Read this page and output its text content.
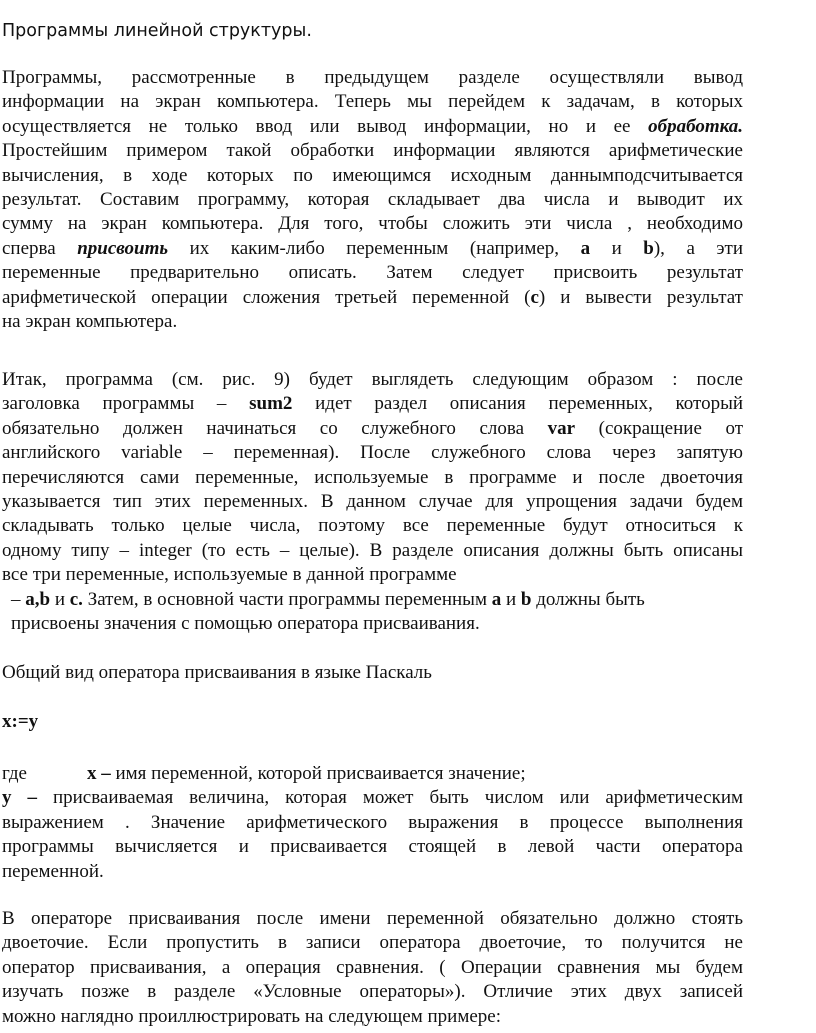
Программы линейной структуры.
Программы, рассмотренные в предыдущем разделе осуществляли вывод
информации на экран компьютера. Теперь мы перейдем к задачам, в которых
осуществляется не только ввод или вывод информации, но и ее обработка.
Простейшим примером такой обработки информации являются арифметические
вычисления, в ходе которых по имеющимся исходным даннымподсчитывается
результат. Составим программу, которая складывает два числа и выводит их
сумму на экран компьютера. Для того, чтобы сложить эти числа , необходимо
сперва присвоить их каким-либо переменным (например, a и b), а эти
переменные предварительно описать. Затем следует присвоить результат
арифметической операции сложения третьей переменной (c) и вывести результат
на экран компьютера.
Итак, программа (см. рис. 9) будет выглядеть следующим образом : после
заголовка программы – sum2 идет раздел описания переменных, который
обязательно должен начинаться со служебного слова var (сокращение от
английского variable – переменная). После служебного слова через запятую
перечисляются сами переменные, используемые в программе и после двоеточия
указывается тип этих переменных. В данном случае для упрощения задачи будем
складывать только целые числа, поэтому все переменные будут относиться к
одному типу – integer (то есть – целые). В разделе описания должны быть описаны
все три переменные, используемые в данной программе
– a,b и c. Затем, в основной части программы переменным a и b должны быть
присвоены значения с помощью оператора присваивания.
Общий вид оператора присваивания в языке Паскаль
x:=y
где	x – имя переменной, которой присваивается значение;
y – присваиваемая величина, которая может быть числом или арифметическим
выражением . Значение арифметического выражения в процессе выполнения
программы вычисляется и присваивается стоящей в левой части оператора
переменной.
В операторе присваивания после имени переменной обязательно должно стоять
двоеточие. Если пропустить в записи оператора двоеточие, то получится не
оператор присваивания, а операция сравнения. ( Операции сравнения мы будем
изучать позже в разделе «Условные операторы»). Отличие этих двух записей
можно наглядно проиллюстрировать на следующем примере:
